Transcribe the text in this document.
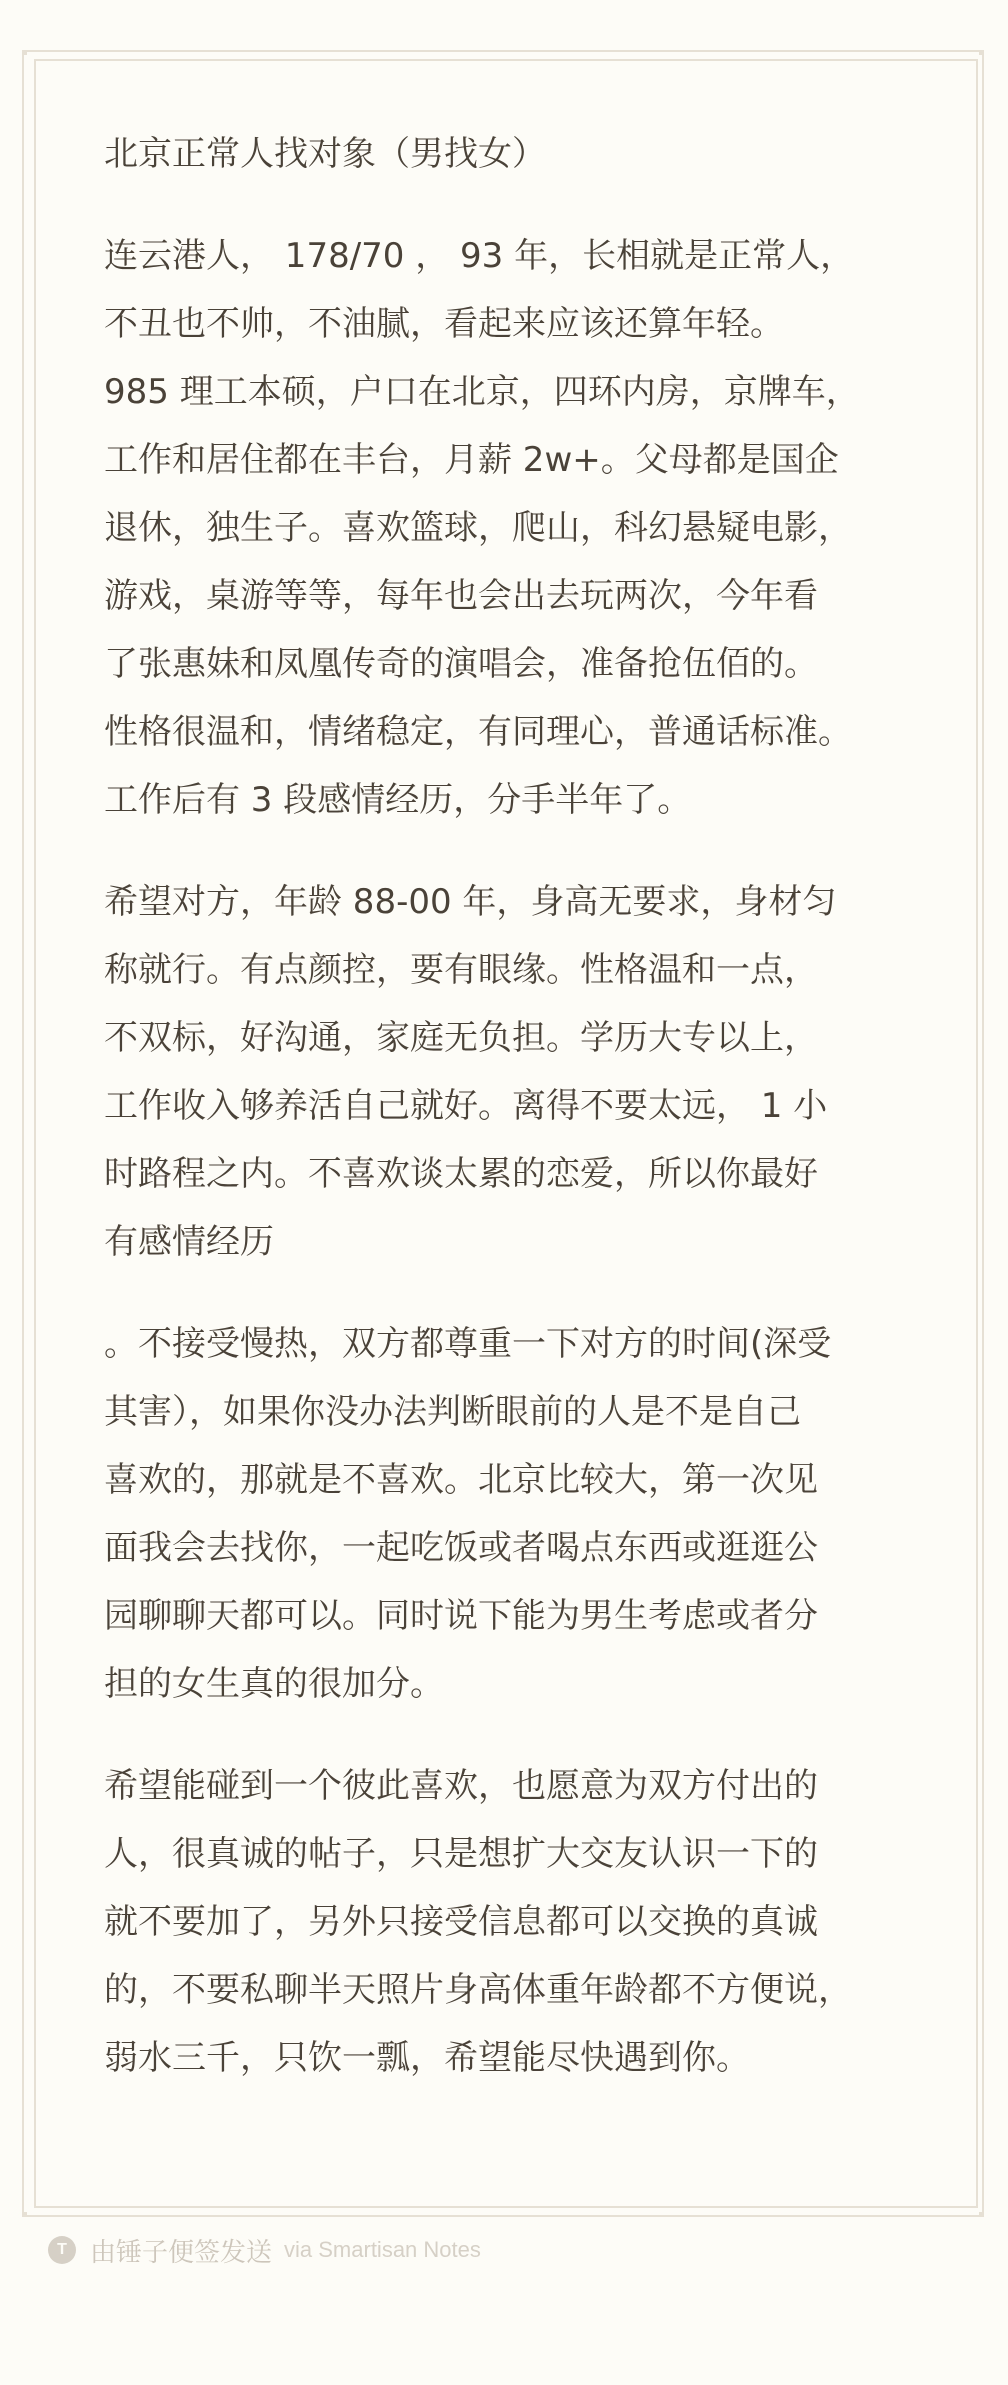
北京正常人找对象（男找女）

连云港人， 178/70 ， 93 年，长相就是正常人，
不丑也不帅，不油腻，看起来应该还算年轻。
985 理工本硕，户口在北京，四环内房，京牌车，
工作和居住都在丰台，月薪 2w+。父母都是国企
退休，独生子。喜欢篮球，爬山，科幻悬疑电影，
游戏，桌游等等，每年也会出去玩两次，今年看
了张惠妹和凤凰传奇的演唱会，准备抢伍佰的。
性格很温和，情绪稳定，有同理心，普通话标准。
工作后有 3 段感情经历，分手半年了。

希望对方，年龄 88-00 年，身高无要求，身材匀
称就行。有点颜控，要有眼缘。性格温和一点，
不双标，好沟通，家庭无负担。学历大专以上，
工作收入够养活自己就好。离得不要太远， 1 小
时路程之内。不喜欢谈太累的恋爱，所以你最好
有感情经历

。不接受慢热，双方都尊重一下对方的时间(深受
其害），如果你没办法判断眼前的人是不是自己
喜欢的，那就是不喜欢。北京比较大，第一次见
面我会去找你，一起吃饭或者喝点东西或逛逛公
园聊聊天都可以。同时说下能为男生考虑或者分
担的女生真的很加分。

希望能碰到一个彼此喜欢，也愿意为双方付出的
人，很真诚的帖子，只是想扩大交友认识一下的
就不要加了，另外只接受信息都可以交换的真诚
的，不要私聊半天照片身高体重年龄都不方便说，
弱水三千，只饮一瓢，希望能尽快遇到你。

T 由锤子便签发送 via Smartisan Notes
